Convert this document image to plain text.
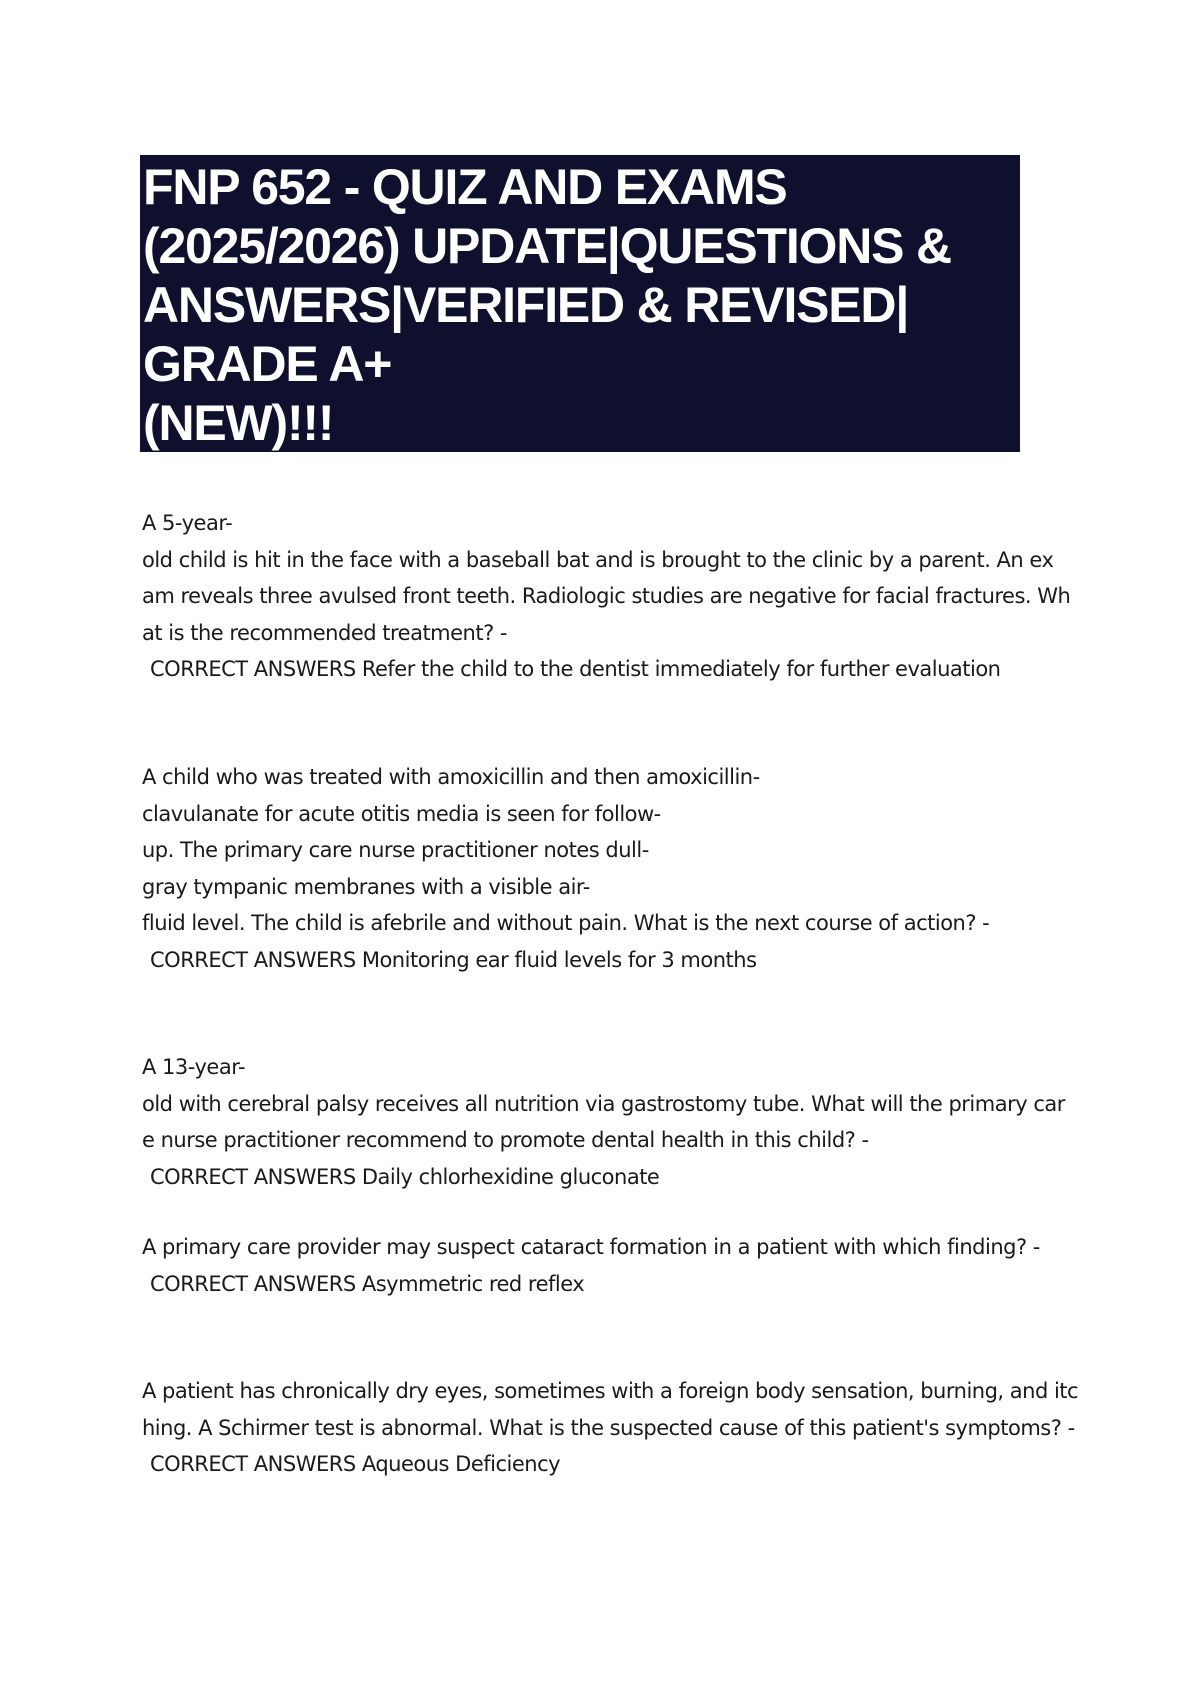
FNP 652 - QUIZ AND EXAMS
(2025/2026) UPDATE|QUESTIONS &
ANSWERS|VERIFIED & REVISED|
GRADE A+
(NEW)!!!
A 5-year-
old child is hit in the face with a baseball bat and is brought to the clinic by a parent. An ex
am reveals three avulsed front teeth. Radiologic studies are negative for facial fractures. Wh
at is the recommended treatment? -
CORRECT ANSWERS Refer the child to the dentist immediately for further evaluation
A child who was treated with amoxicillin and then amoxicillin-
clavulanate for acute otitis media is seen for follow-
up. The primary care nurse practitioner notes dull-
gray tympanic membranes with a visible air-
fluid level. The child is afebrile and without pain. What is the next course of action? -
CORRECT ANSWERS Monitoring ear fluid levels for 3 months
A 13-year-
old with cerebral palsy receives all nutrition via gastrostomy tube. What will the primary car
e nurse practitioner recommend to promote dental health in this child? -
CORRECT ANSWERS Daily chlorhexidine gluconate
A primary care provider may suspect cataract formation in a patient with which finding? -
CORRECT ANSWERS Asymmetric red reflex
A patient has chronically dry eyes, sometimes with a foreign body sensation, burning, and itc
hing. A Schirmer test is abnormal. What is the suspected cause of this patient's symptoms? -
CORRECT ANSWERS Aqueous Deficiency
